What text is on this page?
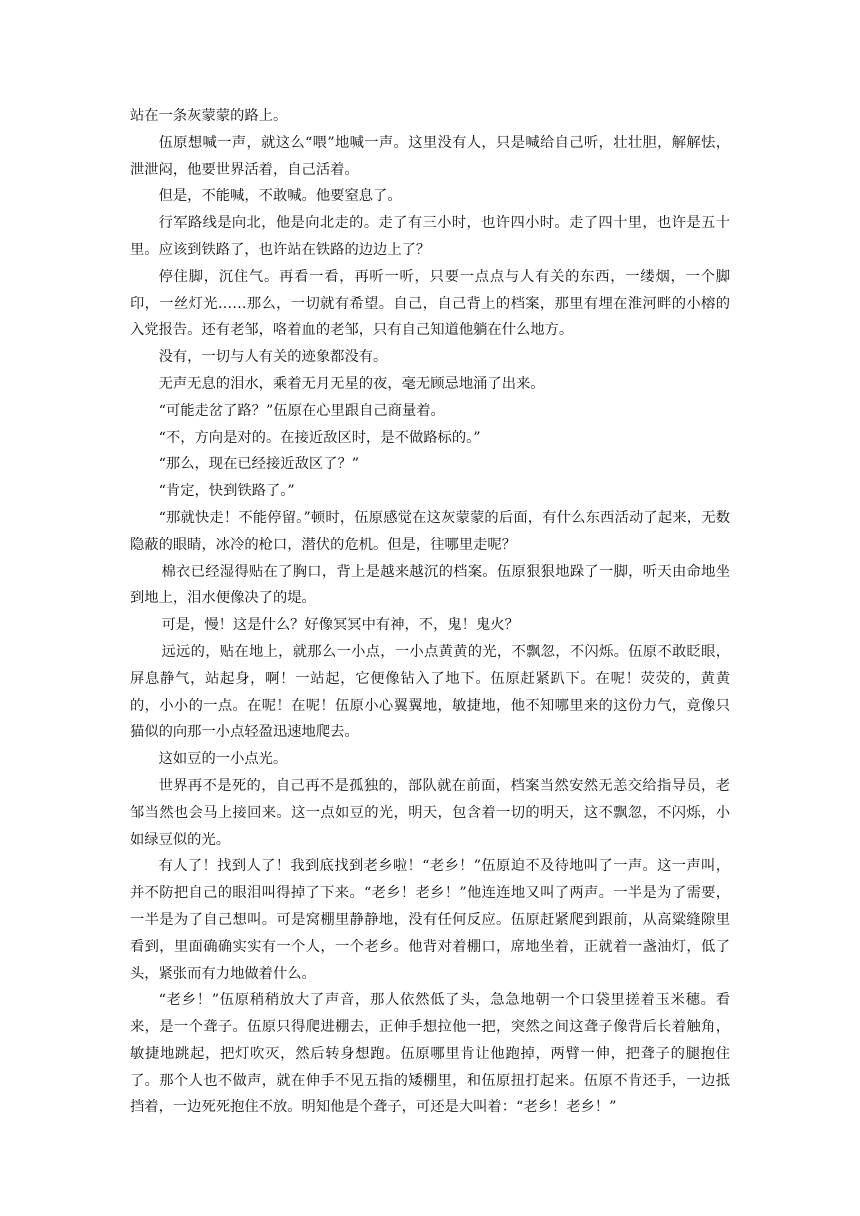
站在一条灰蒙蒙的路上。

伍原想喊一声，就这么“喂”地喊一声。这里没有人，只是喊给自己听，壮壮胆，解解怯，泄泄闷，他要世界活着，自己活着。

但是，不能喊，不敢喊。他要窒息了。

行军路线是向北，他是向北走的。走了有三小时，也许四小时。走了四十里，也许是五十里。应该到铁路了，也许站在铁路的边边上了？

停住脚，沉住气。再看一看，再听一听，只要一点点与人有关的东西，一缕烟，一个脚印，一丝灯光……那么，一切就有希望。自己，自己背上的档案，那里有埋在淮河畔的小榕的入党报告。还有老邹，咯着血的老邹，只有自己知道他躺在什么地方。

没有，一切与人有关的迹象都没有。

无声无息的泪水，乘着无月无星的夜，毫无顾忌地涌了出来。

“可能走岔了路？”伍原在心里跟自己商量着。

“不，方向是对的。在接近敌区时，是不做路标的。”

“那么，现在已经接近敌区了？”

“肯定，快到铁路了。”

“那就快走！不能停留。”顿时，伍原感觉在这灰蒙蒙的后面，有什么东西活动了起来，无数隐蔽的眼睛，冰冷的枪口，潜伏的危机。但是，往哪里走呢？

棉衣已经湿得贴在了胸口，背上是越来越沉的档案。伍原狠狠地跺了一脚，听天由命地坐到地上，泪水便像决了的堤。

可是，慢！这是什么？好像冥冥中有神，不，鬼！鬼火？

远远的，贴在地上，就那么一小点，一小点黄黄的光，不飘忽，不闪烁。伍原不敢眨眼，屏息静气，站起身，啊！一站起，它便像钻入了地下。伍原赶紧趴下。在呢！荧荧的，黄黄的，小小的一点。在呢！在呢！伍原小心翼翼地，敏捷地，他不知哪里来的这份力气，竟像只猫似的向那一小点轻盈迅速地爬去。

这如豆的一小点光。

世界再不是死的，自己再不是孤独的，部队就在前面，档案当然安然无恙交给指导员，老邹当然也会马上接回来。这一点如豆的光，明天，包含着一切的明天，这不飘忽，不闪烁，小如绿豆似的光。

有人了！找到人了！我到底找到老乡啦！“老乡！”伍原迫不及待地叫了一声。这一声叫，并不防把自己的眼泪叫得掉了下来。“老乡！老乡！”他连连地又叫了两声。一半是为了需要，一半是为了自己想叫。可是窝棚里静静地，没有任何反应。伍原赶紧爬到跟前，从高粱缝隙里看到，里面确确实实有一个人，一个老乡。他背对着棚口，席地坐着，正就着一盏油灯，低了头，紧张而有力地做着什么。

“老乡！”伍原稍稍放大了声音，那人依然低了头，急急地朝一个口袋里搓着玉米穗。看来，是一个聋子。伍原只得爬进棚去，正伸手想拉他一把，突然之间这聋子像背后长着触角，敏捷地跳起，把灯吹灭，然后转身想跑。伍原哪里肯让他跑掉，两臂一伸，把聋子的腿抱住了。那个人也不做声，就在伸手不见五指的矮棚里，和伍原扭打起来。伍原不肯还手，一边抵挡着，一边死死抱住不放。明知他是个聋子，可还是大叫着：“老乡！老乡！”
